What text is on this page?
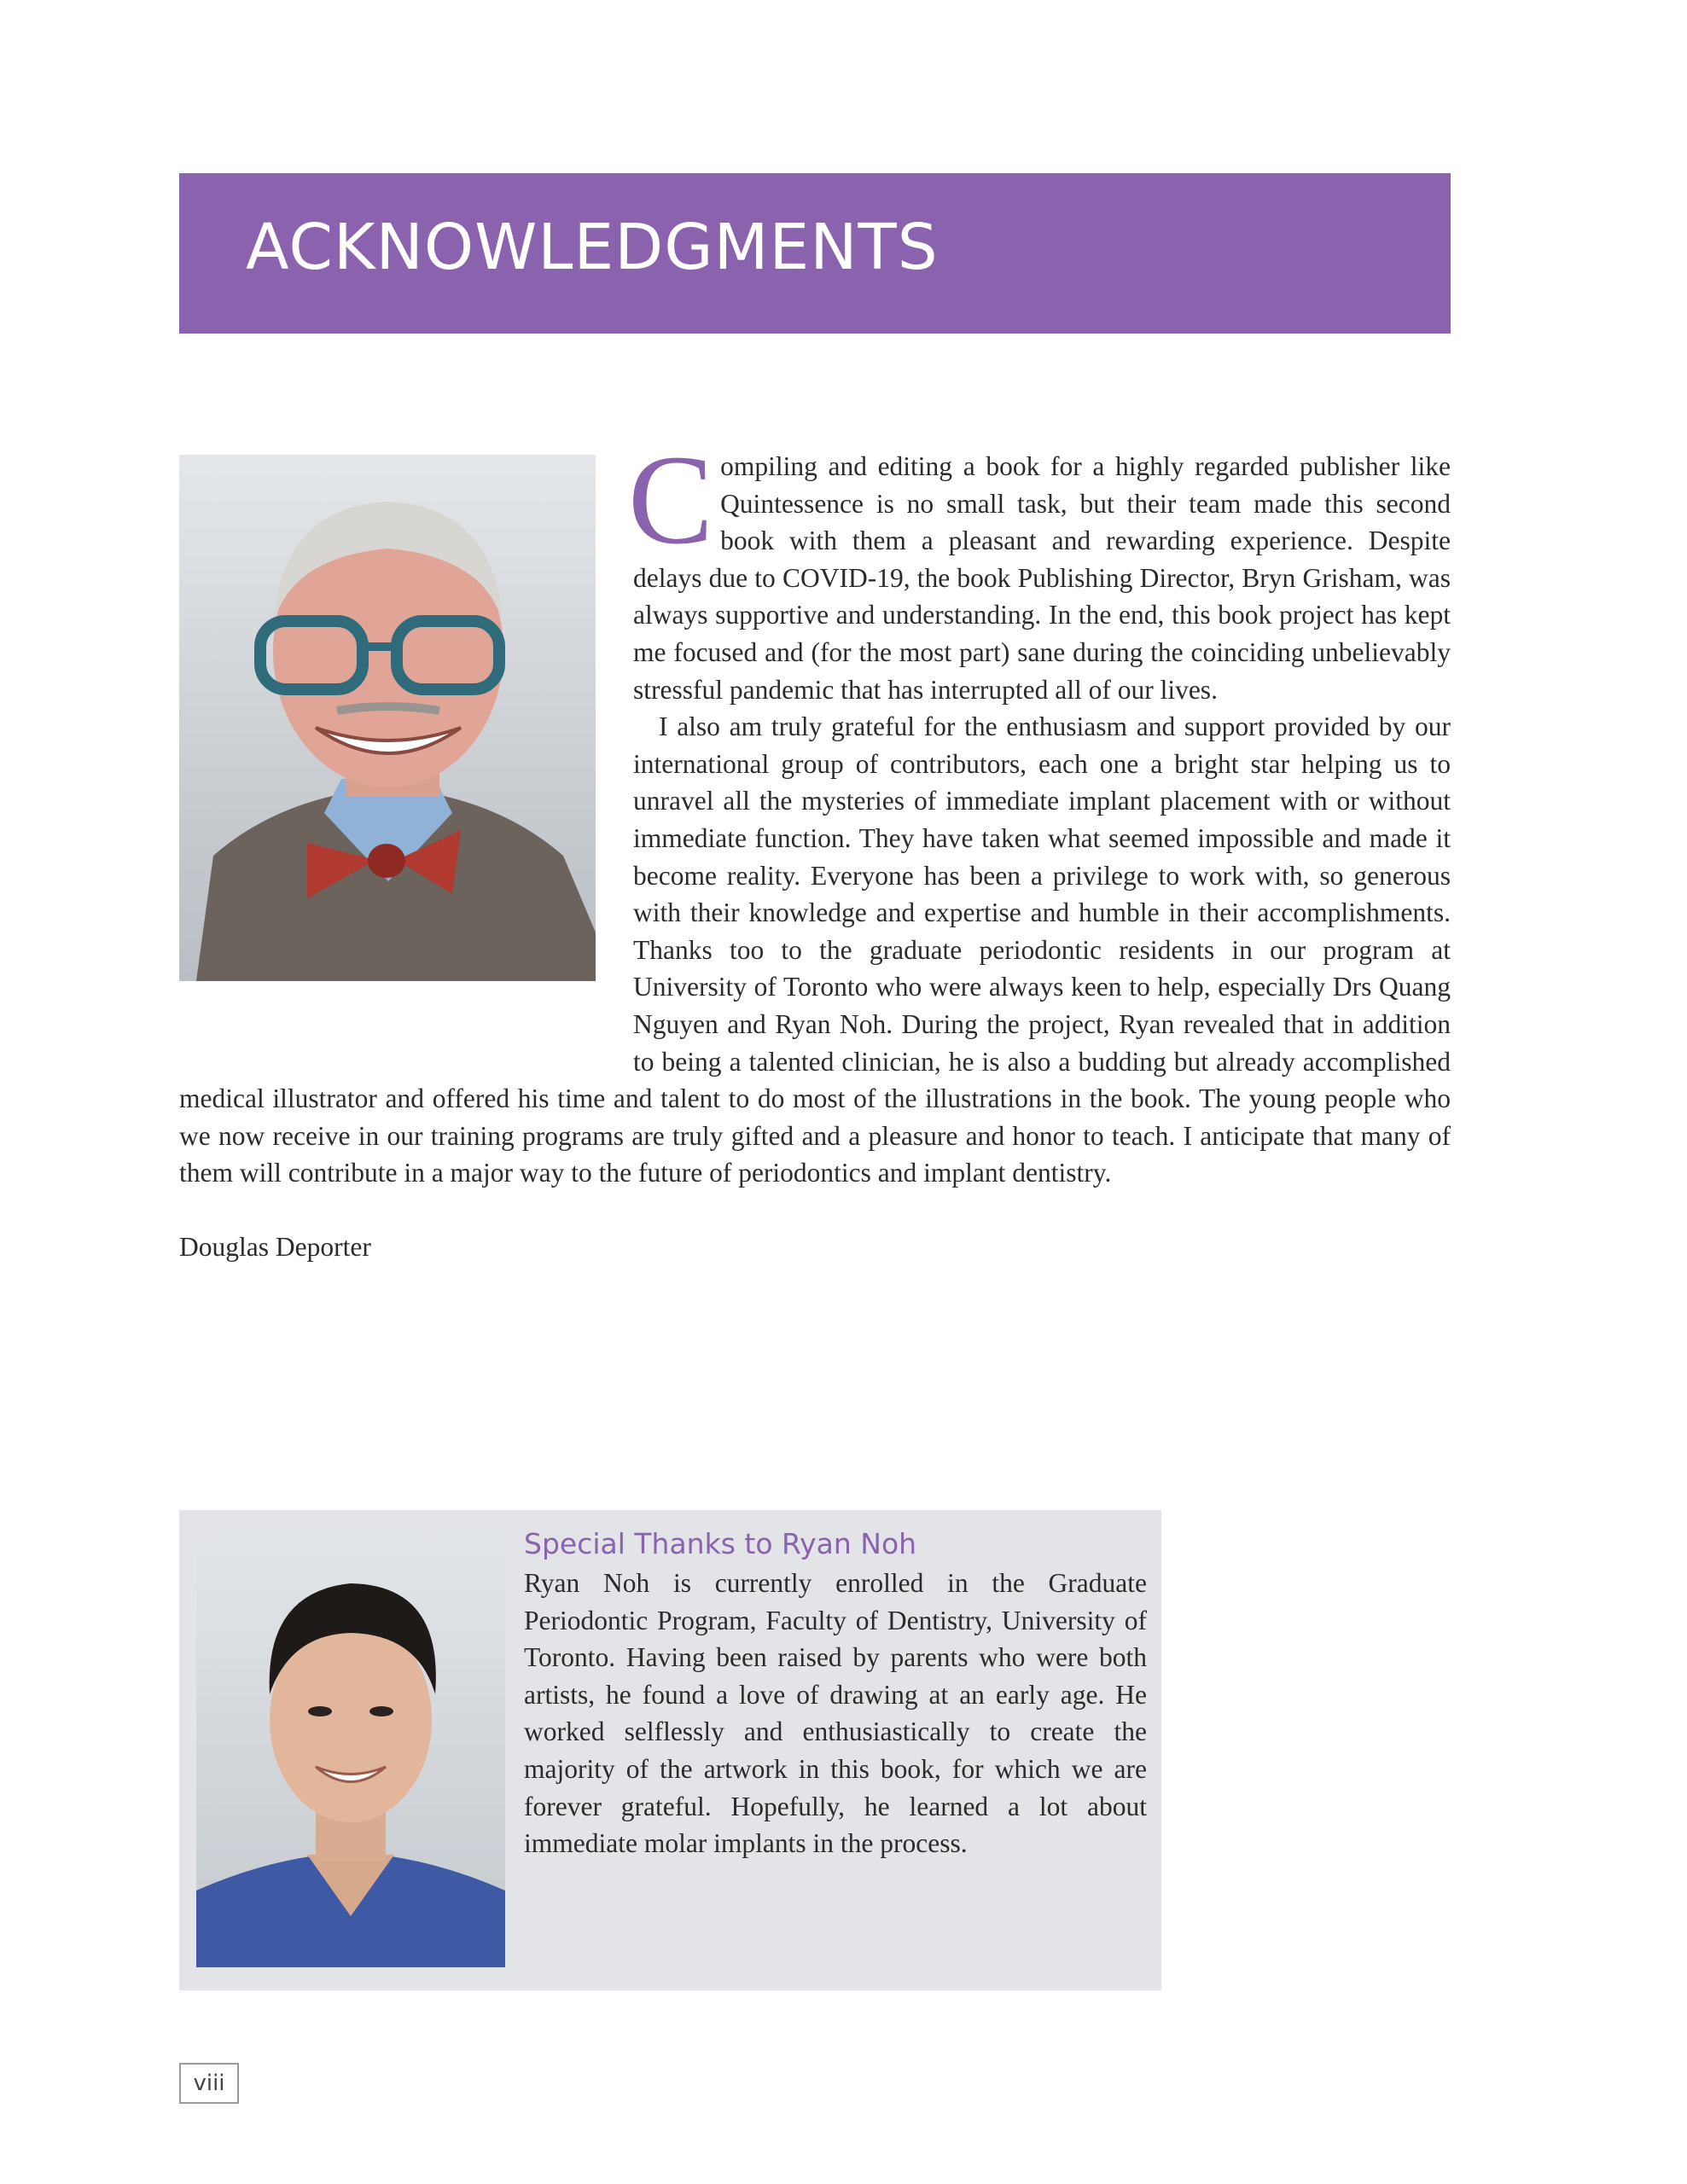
ACKNOWLEDGMENTS

Compiling and editing a book for a highly regarded publisher like Quintessence is no small task, but their team made this second book with them a pleasant and rewarding experience. Despite delays due to COVID-19, the book Publishing Director, Bryn Grisham, was always supportive and understanding. In the end, this book project has kept me focused and (for the most part) sane during the coinciding unbelievably stressful pandemic that has interrupted all of our lives.

I also am truly grateful for the enthusiasm and support provided by our international group of contributors, each one a bright star helping us to unravel all the mysteries of immediate implant placement with or without immediate function. They have taken what seemed impossible and made it become reality. Everyone has been a privilege to work with, so generous with their knowledge and expertise and humble in their accomplishments. Thanks too to the graduate periodontic residents in our program at University of Toronto who were always keen to help, especially Drs Quang Nguyen and Ryan Noh. During the project, Ryan revealed that in addition to being a talented clinician, he is also a budding but already accomplished medical illustrator and offered his time and talent to do most of the illustrations in the book. The young people who we now receive in our training programs are truly gifted and a pleasure and honor to teach. I anticipate that many of them will contribute in a major way to the future of periodontics and implant dentistry.

Douglas Deporter

Special Thanks to Ryan Noh

Ryan Noh is currently enrolled in the Graduate Periodontic Program, Faculty of Dentistry, University of Toronto. Having been raised by parents who were both artists, he found a love of drawing at an early age. He worked selflessly and enthusiastically to create the majority of the artwork in this book, for which we are forever grateful. Hopefully, he learned a lot about immediate molar implants in the process.

viii
